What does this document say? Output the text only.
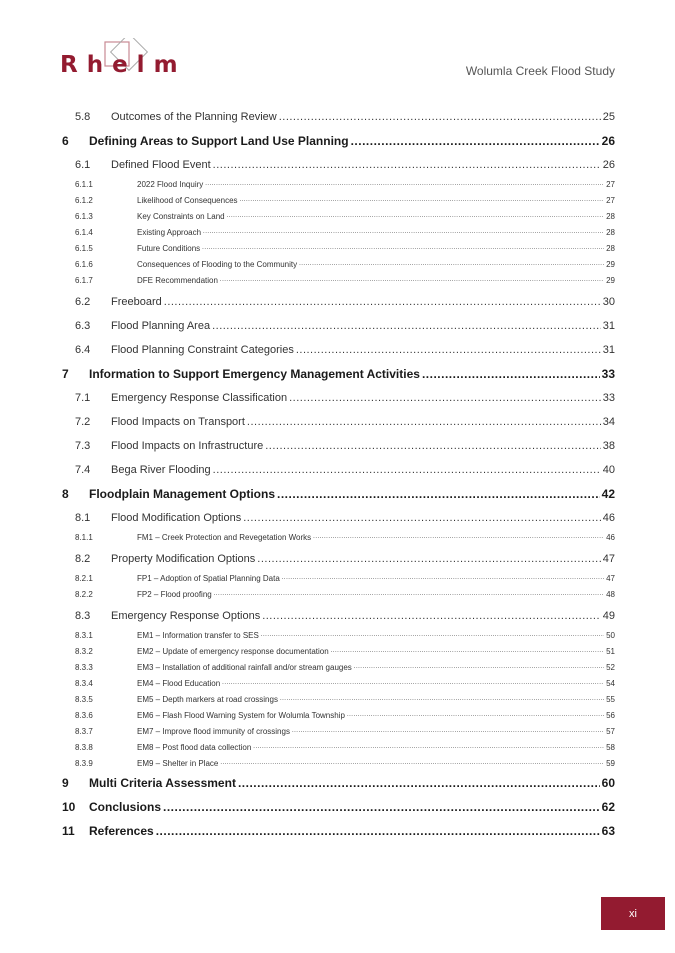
Rhelm	Wolumla Creek Flood Study
5.8	Outcomes of the Planning Review .....	25
6	Defining Areas to Support Land Use Planning .....	26
6.1	Defined Flood Event .....	26
6.1.1	2022 Flood Inquiry .....	27
6.1.2	Likelihood of Consequences .....	27
6.1.3	Key Constraints on Land .....	28
6.1.4	Existing Approach .....	28
6.1.5	Future Conditions .....	28
6.1.6	Consequences of Flooding to the Community .....	29
6.1.7	DFE Recommendation .....	29
6.2	Freeboard .....	30
6.3	Flood Planning Area .....	31
6.4	Flood Planning Constraint Categories .....	31
7	Information to Support Emergency Management Activities .....	33
7.1	Emergency Response Classification .....	33
7.2	Flood Impacts on Transport .....	34
7.3	Flood Impacts on Infrastructure .....	38
7.4	Bega River Flooding .....	40
8	Floodplain Management Options .....	42
8.1	Flood Modification Options .....	46
8.1.1	FM1 – Creek Protection and Revegetation Works .....	46
8.2	Property Modification Options .....	47
8.2.1	FP1 – Adoption of Spatial Planning Data .....	47
8.2.2	FP2 – Flood proofing .....	48
8.3	Emergency Response Options .....	49
8.3.1	EM1 – Information transfer to SES .....	50
8.3.2	EM2 – Update of emergency response documentation .....	51
8.3.3	EM3 – Installation of additional rainfall and/or stream gauges .....	52
8.3.4	EM4 – Flood Education .....	54
8.3.5	EM5 – Depth markers at road crossings .....	55
8.3.6	EM6 – Flash Flood Warning System for Wolumla Township .....	56
8.3.7	EM7 – Improve flood immunity of crossings .....	57
8.3.8	EM8 – Post flood data collection .....	58
8.3.9	EM9 – Shelter in Place .....	59
9	Multi Criteria Assessment .....	60
10	Conclusions .....	62
11	References .....	63
xi
